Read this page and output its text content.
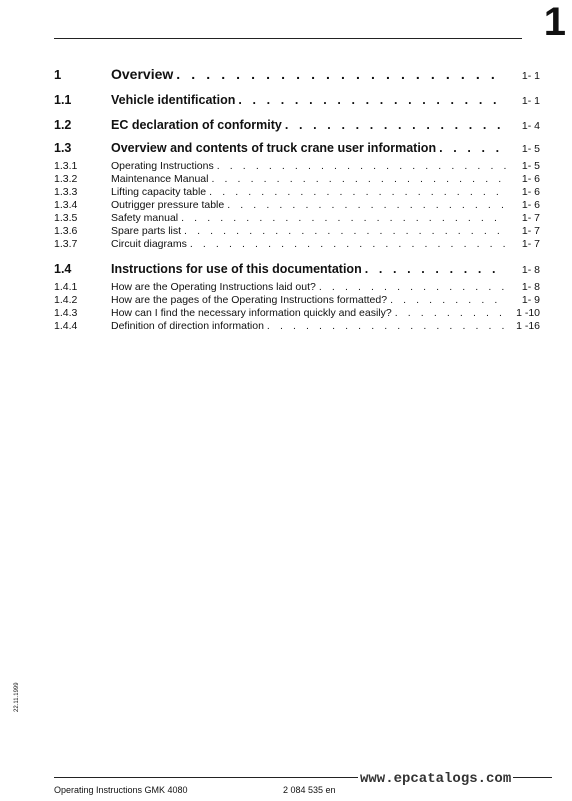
1
1	Overview . . .	1- 1
1.1	Vehicle identification . . .	1- 1
1.2	EC declaration of conformity . . .	1- 4
1.3	Overview and contents of truck crane user information . . .	1- 5
1.3.1	Operating Instructions . . .	1- 5
1.3.2	Maintenance Manual . . .	1- 6
1.3.3	Lifting capacity table . . .	1- 6
1.3.4	Outrigger pressure table . . .	1- 6
1.3.5	Safety manual . . .	1- 7
1.3.6	Spare parts list . . .	1- 7
1.3.7	Circuit diagrams . . .	1- 7
1.4	Instructions for use of this documentation . . .	1- 8
1.4.1	How are the Operating Instructions laid out? . . .	1- 8
1.4.2	How are the pages of the Operating Instructions formatted? . . .	1- 9
1.4.3	How can I find the necessary information quickly and easily? . . .	1 -10
1.4.4	Definition of direction information . . .	1 -16
22.11.1999
Operating Instructions GMK 4080	2 084 535 en
www.epcatalogs.com
